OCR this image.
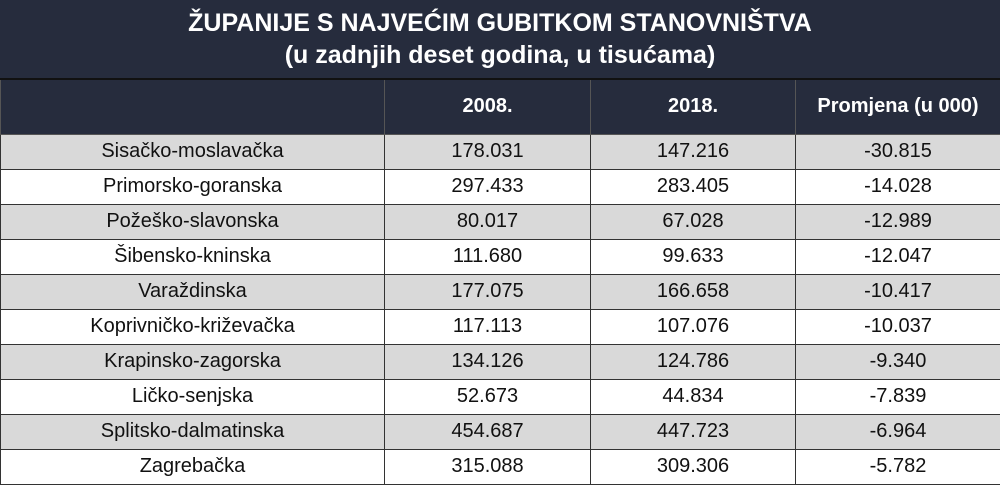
ŽUPANIJE S NAJVEĆIM GUBITKOM STANOVNIŠTVA
(u zadnjih deset godina, u tisućama)
	2008.	2018.	Promjena (u 000)
Sisačko-moslavačka	178.031	147.216	-30.815
Primorsko-goranska	297.433	283.405	-14.028
Požeško-slavonska	80.017	67.028	-12.989
Šibensko-kninska	111.680	99.633	-12.047
Varaždinska	177.075	166.658	-10.417
Koprivničko-križevačka	117.113	107.076	-10.037
Krapinsko-zagorska	134.126	124.786	-9.340
Ličko-senjska	52.673	44.834	-7.839
Splitsko-dalmatinska	454.687	447.723	-6.964
Zagrebačka	315.088	309.306	-5.782
